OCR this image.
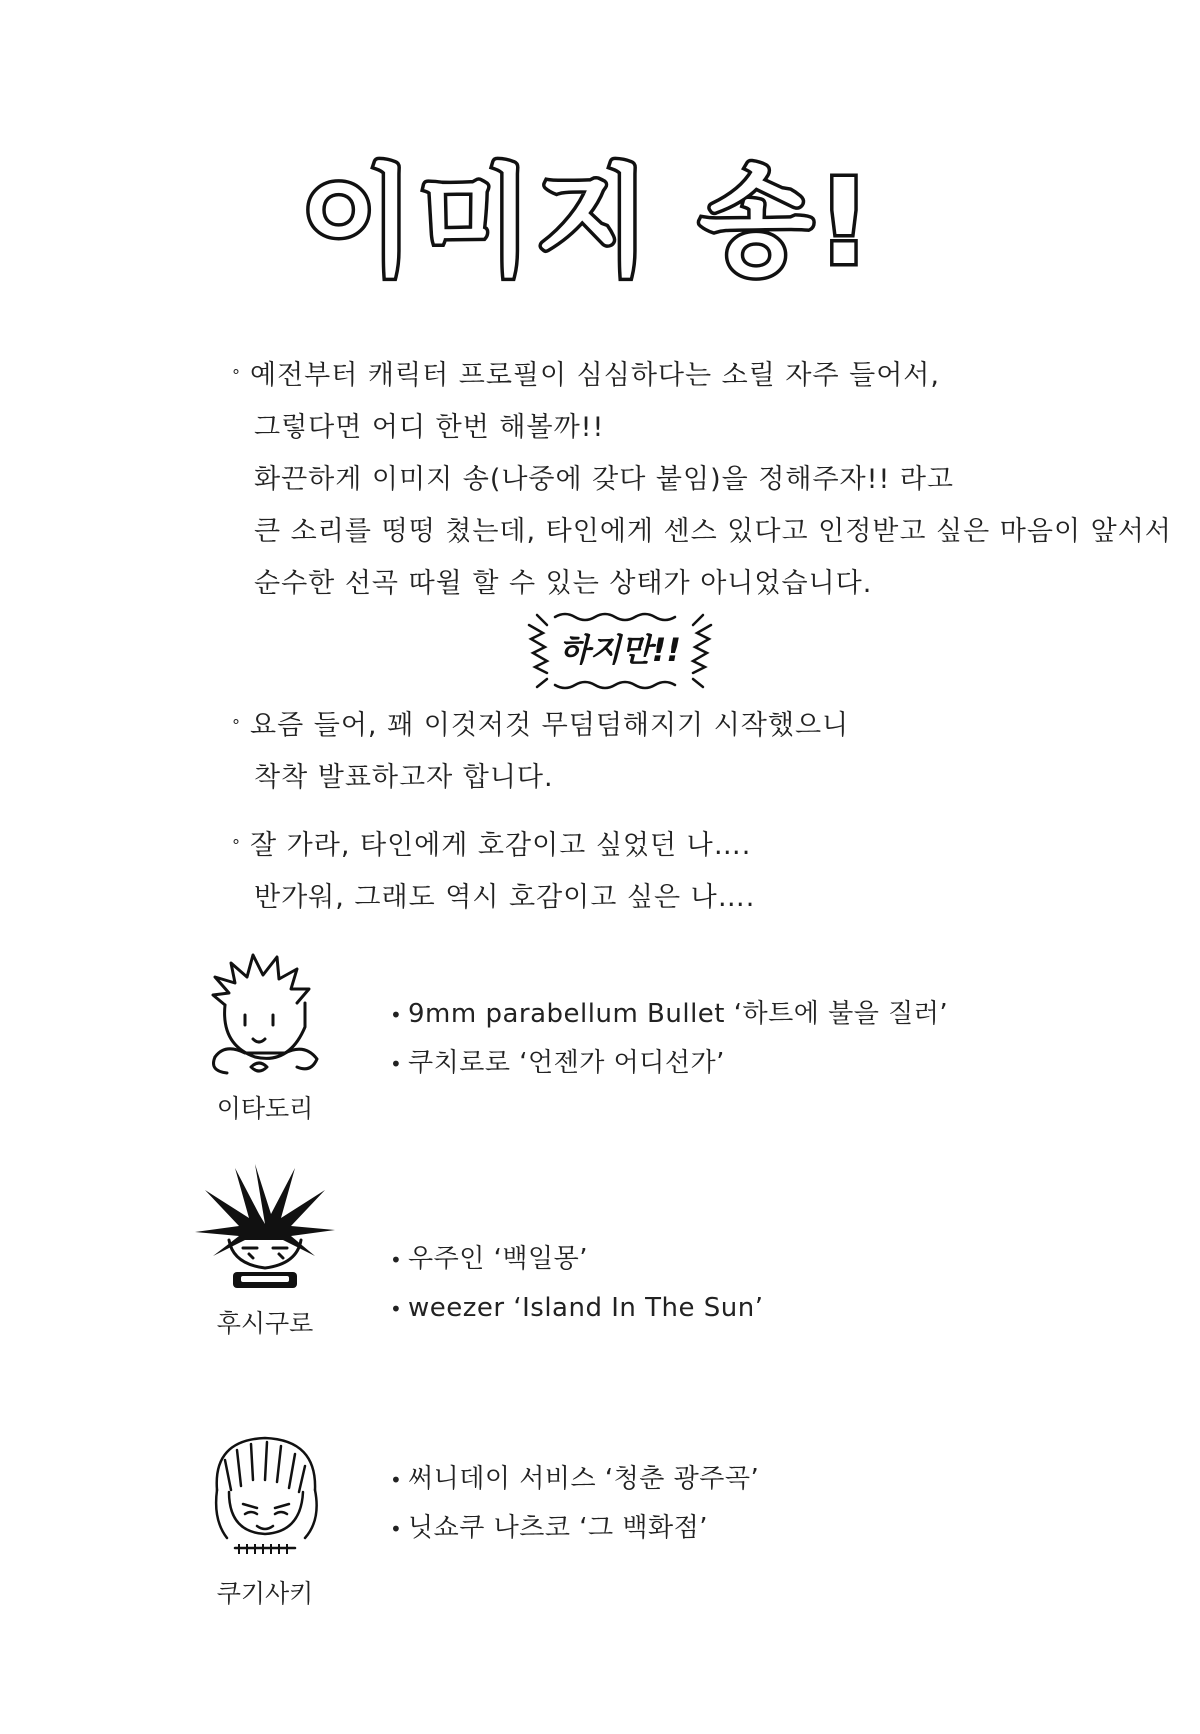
이미지 송!
° 예전부터 캐릭터 프로필이 심심하다는 소릴 자주 들어서,
그렇다면 어디 한번 해볼까!!
화끈하게 이미지 송(나중에 갖다 붙임)을 정해주자!! 라고
큰 소리를 떵떵 쳤는데, 타인에게 센스 있다고 인정받고 싶은 마음이 앞서서
순수한 선곡 따윌 할 수 있는 상태가 아니었습니다.
하지만!!
° 요즘 들어, 꽤 이것저것 무덤덤해지기 시작했으니
착착 발표하고자 합니다.
° 잘 가라, 타인에게 호감이고 싶었던 나….
반가워, 그래도 역시 호감이고 싶은 나….
이타도리
• 9mm parabellum Bullet ‘하트에 불을 질러’
• 쿠치로로 ‘언젠가 어디선가’
후시구로
• 우주인 ‘백일몽’
• weezer ‘Island In The Sun’
쿠기사키
• 써니데이 서비스 ‘청춘 광주곡’
• 닛쇼쿠 나츠코 ‘그 백화점’
